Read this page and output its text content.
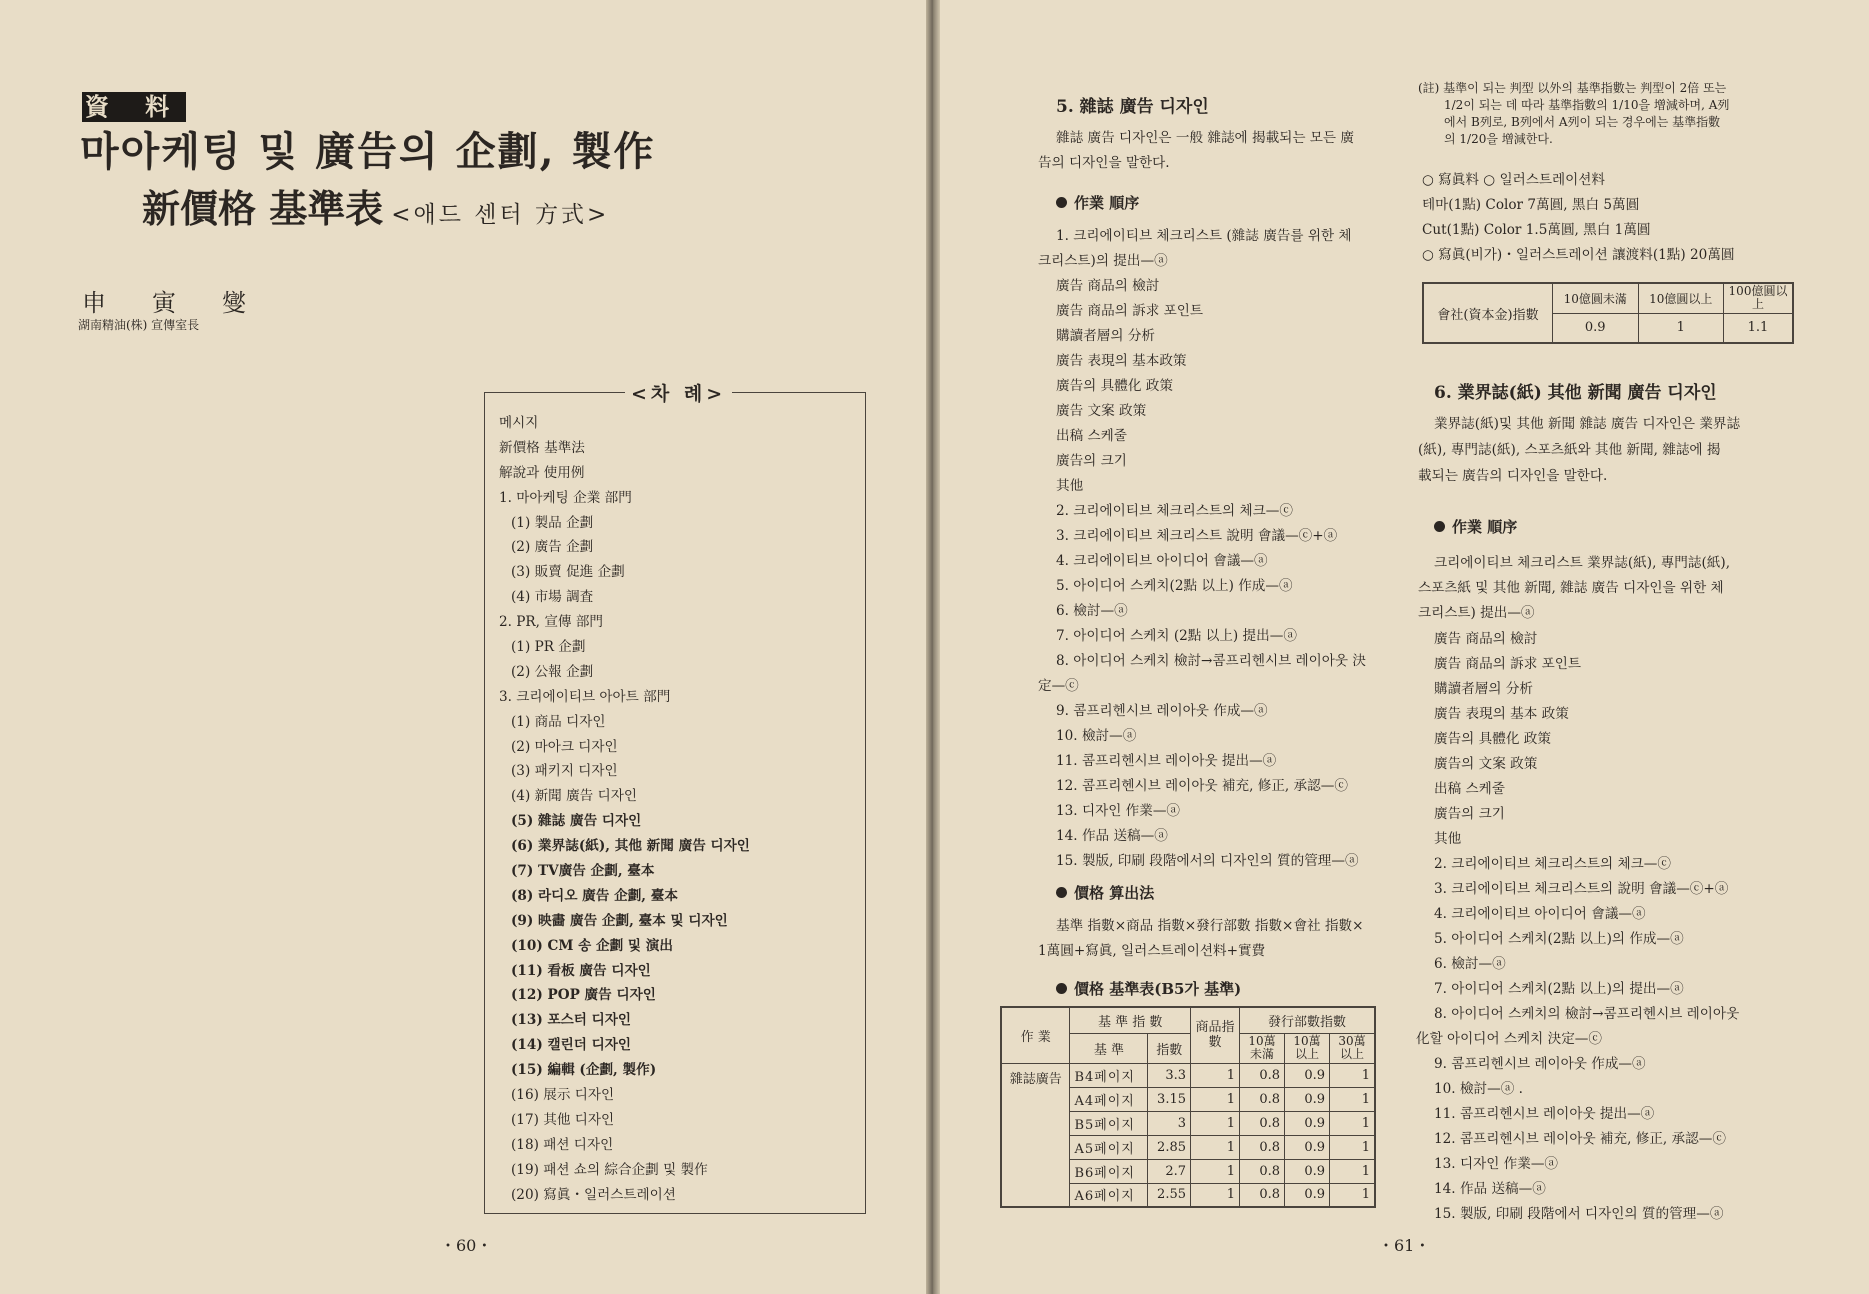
資 料
마아케팅 및 廣告의 企劃, 製作
新價格 基準表 <애드 센터 方式>
申寅燮
湖南精油(株) 宣傳室長
<차 례>
메시지
新價格 基準法
解說과 使用例
1. 마아케팅 企業 部門
(1) 製品 企劃
(2) 廣告 企劃
(3) 販賣 促進 企劃
(4) 市場 調査
2. PR, 宣傳 部門
(1) PR 企劃
(2) 公報 企劃
3. 크리에이티브 아아트 部門
(1) 商品 디자인
(2) 마아크 디자인
(3) 패키지 디자인
(4) 新聞 廣告 디자인
(5) 雜誌 廣告 디자인
(6) 業界誌(紙), 其他 新聞 廣告 디자인
(7) TV廣告 企劃, 臺本
(8) 라디오 廣告 企劃, 臺本
(9) 映畵 廣告 企劃, 臺本 및 디자인
(10) CM 송 企劃 및 演出
(11) 看板 廣告 디자인
(12) POP 廣告 디자인
(13) 포스터 디자인
(14) 캘린더 디자인
(15) 編輯 (企劃, 製作)
(16) 展示 디자인
(17) 其他 디자인
(18) 패션 디자인
(19) 패션 쇼의 綜合企劃 및 製作
(20) 寫眞・일러스트레이션
・60・
5. 雜誌 廣告 디자인
雜誌 廣告 디자인은 一般 雜誌에 揭載되는 모든 廣
告의 디자인을 말한다.
作業 順序
1. 크리에이티브 체크리스트 (雜誌 廣告를 위한 체
크리스트)의 提出—ⓐ
廣告 商品의 檢討
廣告 商品의 訴求 포인트
購讀者層의 分析
廣告 表現의 基本政策
廣告의 具體化 政策
廣告 文案 政策
出稿 스케줄
廣告의 크기
其他
2. 크리에이티브 체크리스트의 체크—ⓒ
3. 크리에이티브 체크리스트 說明 會議—ⓒ+ⓐ
4. 크리에이티브 아이디어 會議—ⓐ
5. 아이디어 스케치(2點 以上) 作成—ⓐ
6. 檢討—ⓐ
7. 아이디어 스케치 (2點 以上) 提出—ⓐ
8. 아이디어 스케치 檢討→콤프리헨시브 레이아웃 決
定—ⓒ
9. 콤프리헨시브 레이아웃 作成—ⓐ
10. 檢討—ⓐ
11. 콤프리헨시브 레이아웃 提出—ⓐ
12. 콤프리헨시브 레이아웃 補充, 修正, 承認—ⓒ
13. 디자인 作業—ⓐ
14. 作品 送稿—ⓐ
15. 製版, 印刷 段階에서의 디자인의 質的管理—ⓐ
價格 算出法
基準 指數×商品 指數×發行部數 指數×會社 指數×
1萬圓+寫眞, 일러스트레이션料+實費
價格 基準表(B5가 基準)
作 業	基 準 指 數		商品指數	發行部數指數		
	基 準	指數		10萬未滿	10萬以上	30萬以上
雜誌廣告	B4페이지	3.3	1	0.8	0.9	1
	A4페이지	3.15	1	0.8	0.9	1
	B5페이지	3	1	0.8	0.9	1
	A5페이지	2.85	1	0.8	0.9	1
	B6페이지	2.7	1	0.8	0.9	1
	A6페이지	2.55	1	0.8	0.9	1
(註) 基準이 되는 判型 以外의 基準指數는 判型이 2倍 또는
1/2이 되는 데 따라 基準指數의 1/10을 增減하며, A列
에서 B列로, B列에서 A列이 되는 경우에는 基準指數
의 1/20을 增減한다.
○ 寫眞料 ○ 일러스트레이션料
테마(1點) Color 7萬圓, 黑白 5萬圓
Cut(1點) Color 1.5萬圓, 黑白 1萬圓
○ 寫眞(비가)・일러스트레이션 讓渡料(1點) 20萬圓
會社(資本金)指數	10億圓未滿	10億圓以上	100億圓以上
	0.9	1	1.1
6. 業界誌(紙) 其他 新聞 廣告 디자인
業界誌(紙)및 其他 新聞 雜誌 廣告 디자인은 業界誌
(紙), 專門誌(紙), 스포츠紙와 其他 新聞, 雜誌에 揭
載되는 廣告의 디자인을 말한다.
作業 順序
크리에이티브 체크리스트 業界誌(紙), 專門誌(紙),
스포츠紙 및 其他 新聞, 雜誌 廣告 디자인을 위한 체
크리스트) 提出—ⓐ
廣告 商品의 檢討
廣告 商品의 訴求 포인트
購讀者層의 分析
廣告 表現의 基本 政策
廣告의 具體化 政策
廣告의 文案 政策
出稿 스케줄
廣告의 크기
其他
2. 크리에이티브 체크리스트의 체크—ⓒ
3. 크리에이티브 체크리스트의 說明 會議—ⓒ+ⓐ
4. 크리에이티브 아이디어 會議—ⓐ
5. 아이디어 스케치(2點 以上)의 作成—ⓐ
6. 檢討—ⓐ
7. 아이디어 스케치(2點 以上)의 提出—ⓐ
8. 아이디어 스케치의 檢討→콤프리헨시브 레이아웃
化할 아이디어 스케치 決定—ⓒ
9. 콤프리헨시브 레이아웃 作成—ⓐ
10. 檢討—ⓐ .
11. 콤프리헨시브 레이아웃 提出—ⓐ
12. 콤프리헨시브 레이아웃 補充, 修正, 承認—ⓒ
13. 디자인 作業—ⓐ
14. 作品 送稿—ⓐ
15. 製版, 印刷 段階에서 디자인의 質的管理—ⓐ
・61・
